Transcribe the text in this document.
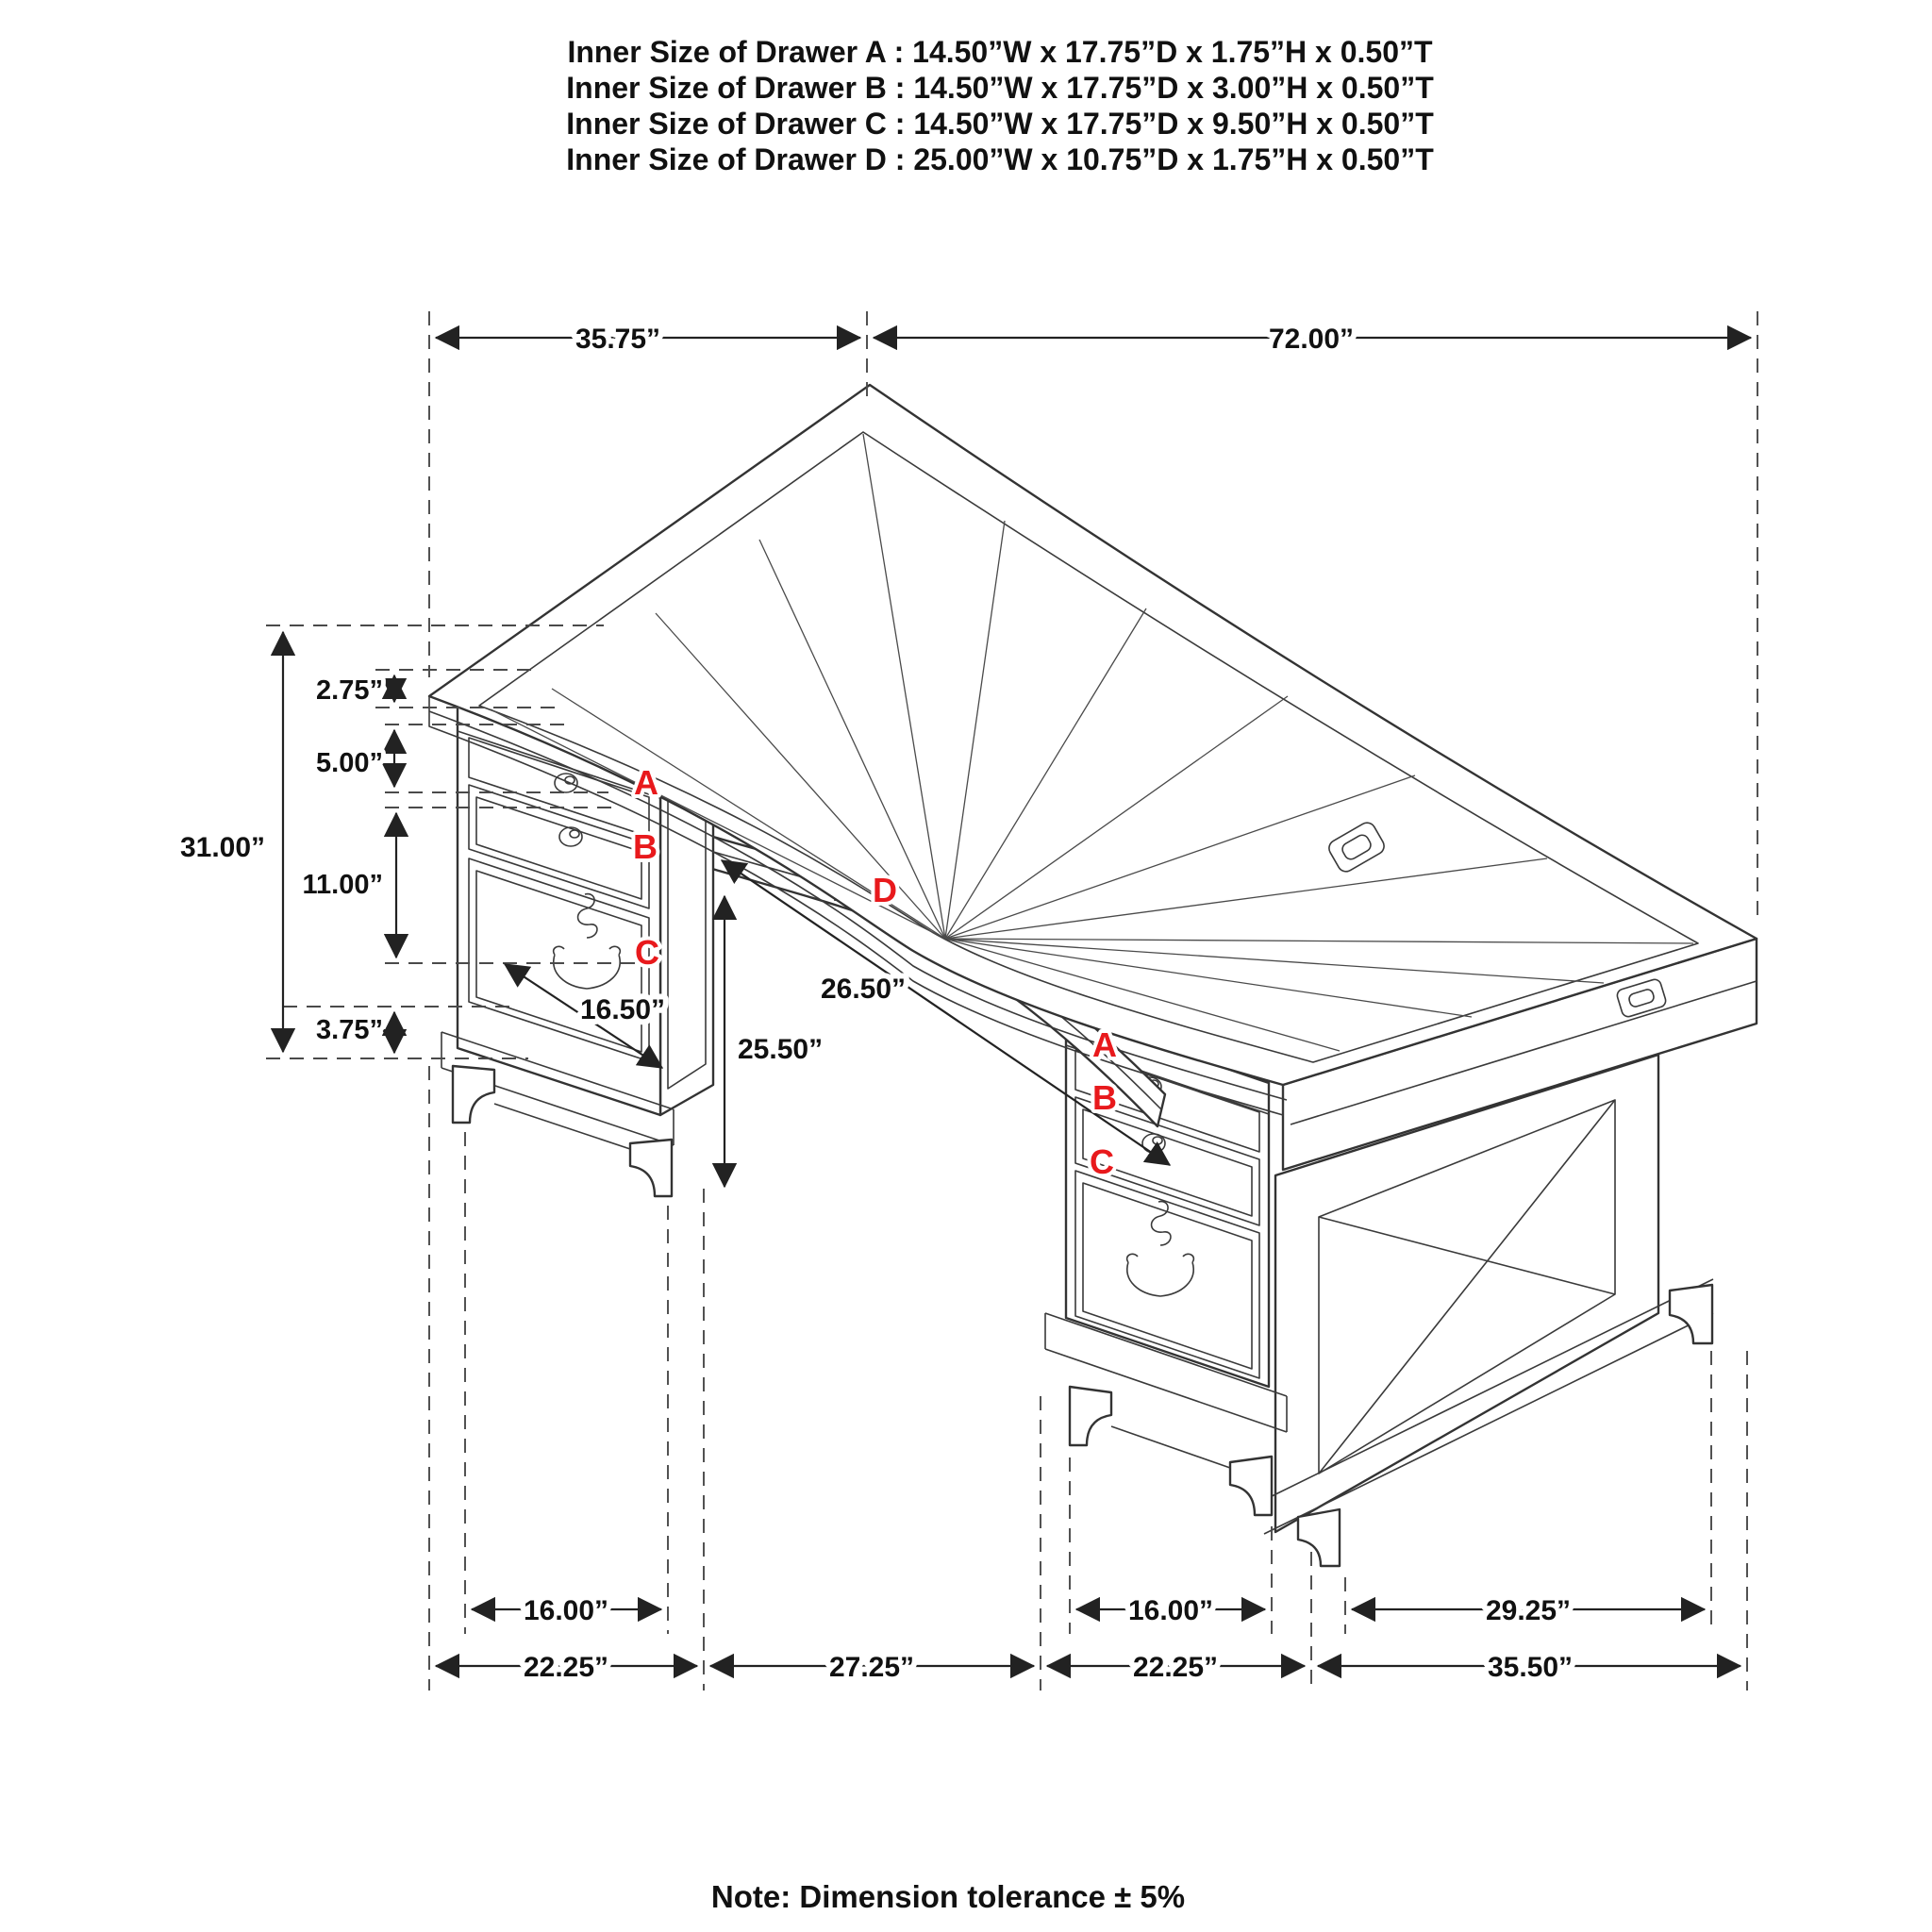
35.75”	72.00”
31.00”
2.75”
5.00”
11.00”
3.75”
16.50”
26.50”
25.50”
16.00”	16.00”	29.25”
22.25”	27.25”	22.25”	35.50”
A
B
C
D
A
B
C
Inner Size of Drawer A : 14.50”W x 17.75”D x 1.75”H x 0.50”T
Inner Size of Drawer B : 14.50”W x 17.75”D x 3.00”H x 0.50”T
Inner Size of Drawer C : 14.50”W x 17.75”D x 9.50”H x 0.50”T
Inner Size of Drawer D : 25.00”W x 10.75”D x 1.75”H x 0.50”T
Note: Dimension tolerance ± 5%
